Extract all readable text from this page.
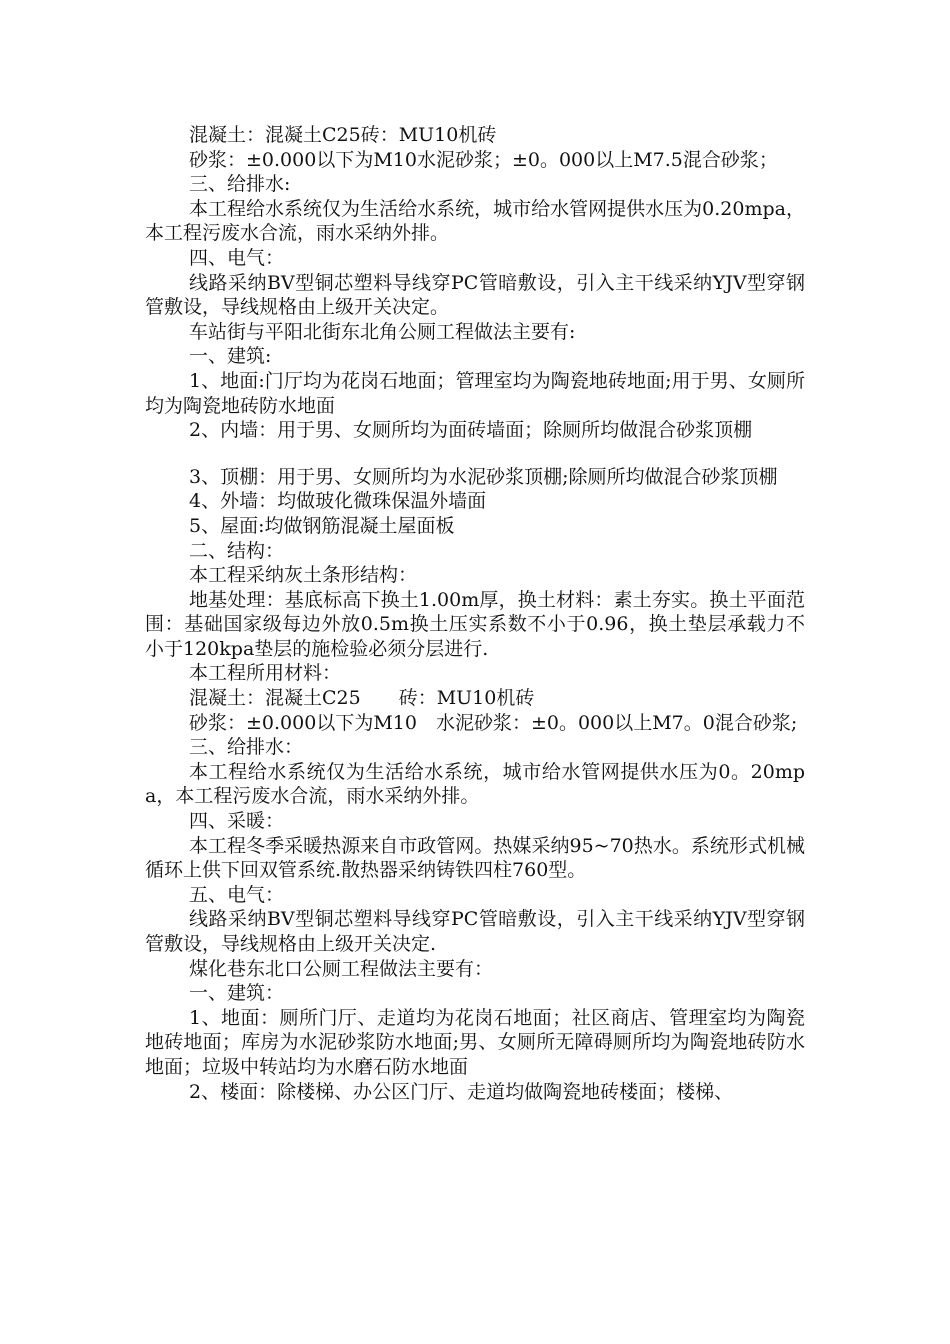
混凝土：混凝土C25砖：MU10机砖

砂浆：±0.000以下为M10水泥砂浆；±0。000以上M7.5混合砂浆；

三、给排水:

本工程给水系统仅为生活给水系统，城市给水管网提供水压为0.20mpa，本工程污废水合流，雨水采纳外排。

四、电气：

线路采纳BV型铜芯塑料导线穿PC管暗敷设，引入主干线采纳YJV型穿钢管敷设，导线规格由上级开关决定。

车站街与平阳北街东北角公厕工程做法主要有:

一、建筑:

1、地面:门厅均为花岗石地面；管理室均为陶瓷地砖地面;用于男、女厕所均为陶瓷地砖防水地面

2、内墙：用于男、女厕所均为面砖墙面；除厕所均做混合砂浆顶棚

3、顶棚：用于男、女厕所均为水泥砂浆顶棚;除厕所均做混合砂浆顶棚

4、外墙：均做玻化微珠保温外墙面

5、屋面:均做钢筋混凝土屋面板

二、结构：

本工程采纳灰土条形结构：

地基处理：基底标高下换土1.00m厚，换土材料：素土夯实。换土平面范围：基础国家级每边外放0.5m换土压实系数不小于0.96，换土垫层承载力不小于120kpa垫层的施检验必须分层进行.

本工程所用材料：

混凝土：混凝土C25　　砖：MU10机砖

砂浆：±0.000以下为M10　水泥砂浆：±0。000以上M7。0混合砂浆;

三、给排水：

本工程给水系统仅为生活给水系统，城市给水管网提供水压为0。20mpa，本工程污废水合流，雨水采纳外排。

四、采暖：

本工程冬季采暖热源来自市政管网。热媒采纳95~70热水。系统形式机械循环上供下回双管系统.散热器采纳铸铁四柱760型。

五、电气：

线路采纳BV型铜芯塑料导线穿PC管暗敷设，引入主干线采纳YJV型穿钢管敷设，导线规格由上级开关决定.

煤化巷东北口公厕工程做法主要有：

一、建筑：

1、地面：厕所门厅、走道均为花岗石地面；社区商店、管理室均为陶瓷地砖地面；库房为水泥砂浆防水地面;男、女厕所无障碍厕所均为陶瓷地砖防水地面；垃圾中转站均为水磨石防水地面

2、楼面：除楼梯、办公区门厅、走道均做陶瓷地砖楼面；楼梯、
